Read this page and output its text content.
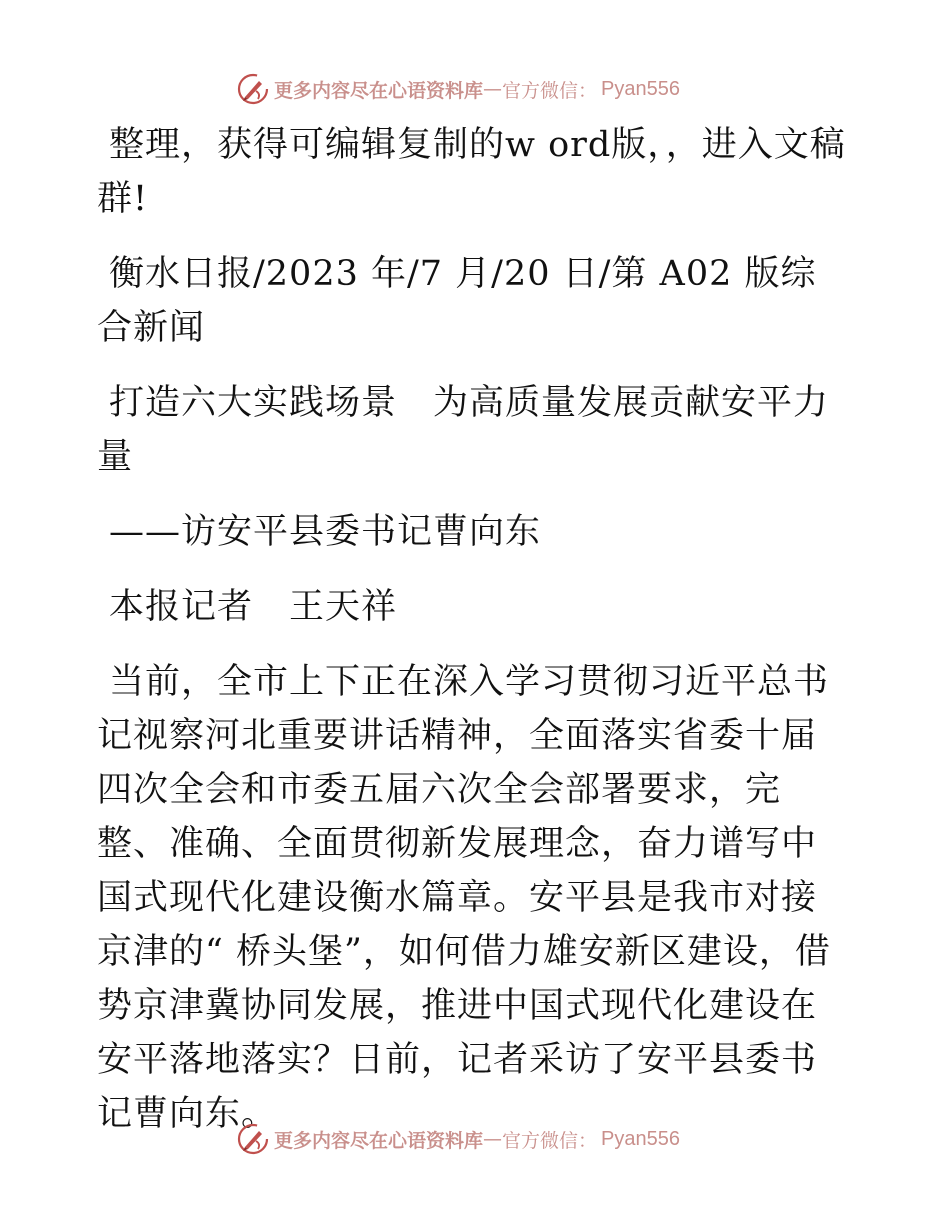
更多内容尽在心语资料库 — 官方微信 ： Pyan556

整理，获得可编辑复制的w ord版，，进入文稿群!

衡水日报/2023 年/7 月/20 日/第 A02 版综合新闻

打造六大实践场景　为高质量发展贡献安平力量

——访安平县委书记曹向东

本报记者　王天祥

当前，全市上下正在深入学习贯彻习近平总书记视察河北重要讲话精神，全面落实省委十届四次全会和市委五届六次全会部署要求，完整、准确、全面贯彻新发展理念，奋力谱写中国式现代化建设衡水篇章。安平县是我市对接京津的“ 桥头堡”，如何借力雄安新区建设，借势京津冀协同发展，推进中国式现代化建设在安平落地落实？日前，记者采访了安平县委书记曹向东。

更多内容尽在心语资料库 — 官方微信 ： Pyan556
